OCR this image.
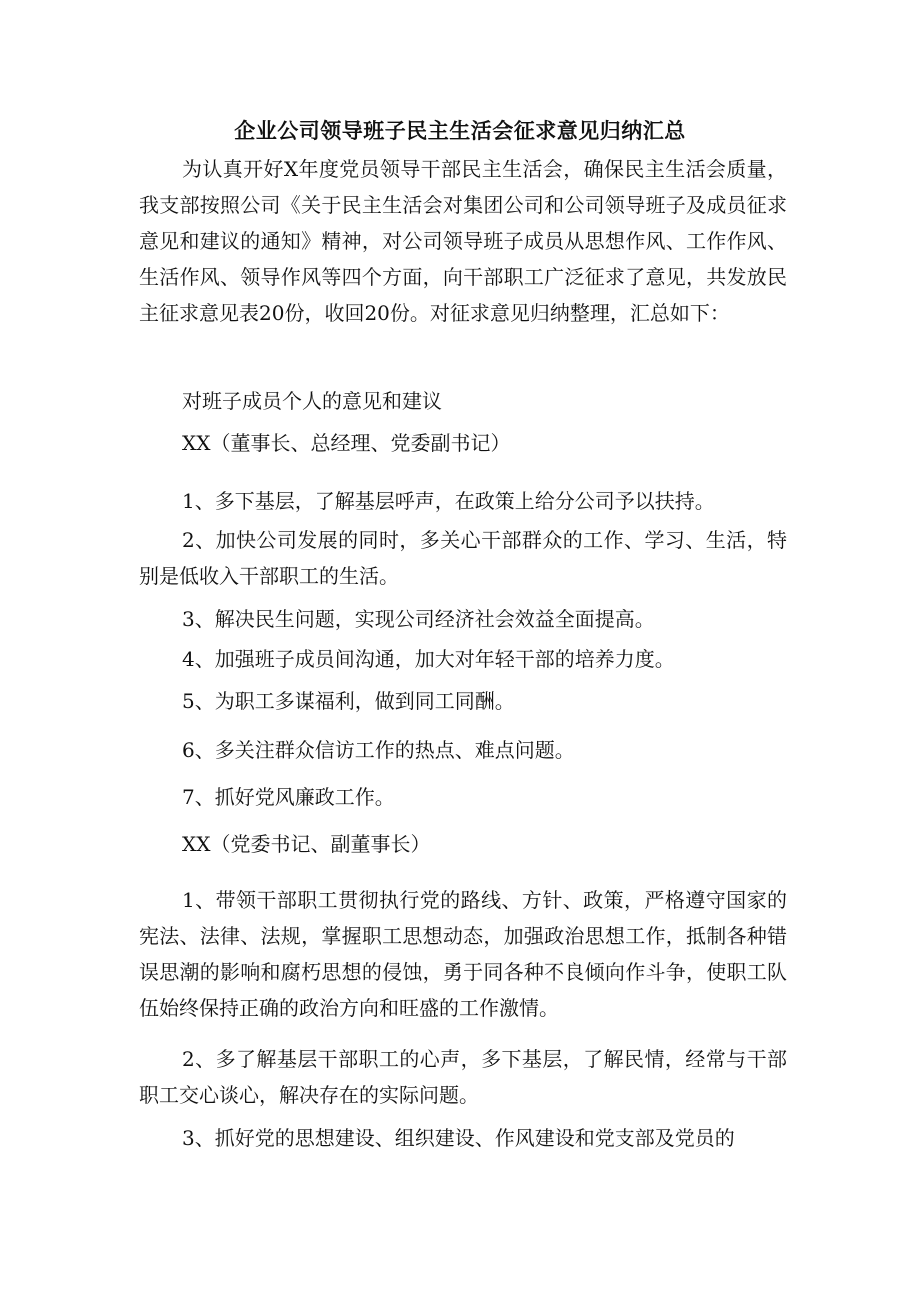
企业公司领导班子民主生活会征求意见归纳汇总

为认真开好X年度党员领导干部民主生活会，确保民主生活会质量，我支部按照公司《关于民主生活会对集团公司和公司领导班子及成员征求意见和建议的通知》精神，对公司领导班子成员从思想作风、工作作风、生活作风、领导作风等四个方面，向干部职工广泛征求了意见，共发放民主征求意见表20份，收回20份。对征求意见归纳整理，汇总如下：

对班子成员个人的意见和建议

XX（董事长、总经理、党委副书记）

1、多下基层，了解基层呼声，在政策上给分公司予以扶持。

2、加快公司发展的同时，多关心干部群众的工作、学习、生活，特别是低收入干部职工的生活。

3、解决民生问题，实现公司经济社会效益全面提高。

4、加强班子成员间沟通，加大对年轻干部的培养力度。

5、为职工多谋福利，做到同工同酬。

6、多关注群众信访工作的热点、难点问题。

7、抓好党风廉政工作。

XX（党委书记、副董事长）

1、带领干部职工贯彻执行党的路线、方针、政策，严格遵守国家的宪法、法律、法规，掌握职工思想动态，加强政治思想工作，抵制各种错误思潮的影响和腐朽思想的侵蚀，勇于同各种不良倾向作斗争，使职工队伍始终保持正确的政治方向和旺盛的工作激情。

2、多了解基层干部职工的心声，多下基层，了解民情，经常与干部职工交心谈心，解决存在的实际问题。

3、抓好党的思想建设、组织建设、作风建设和党支部及党员的
